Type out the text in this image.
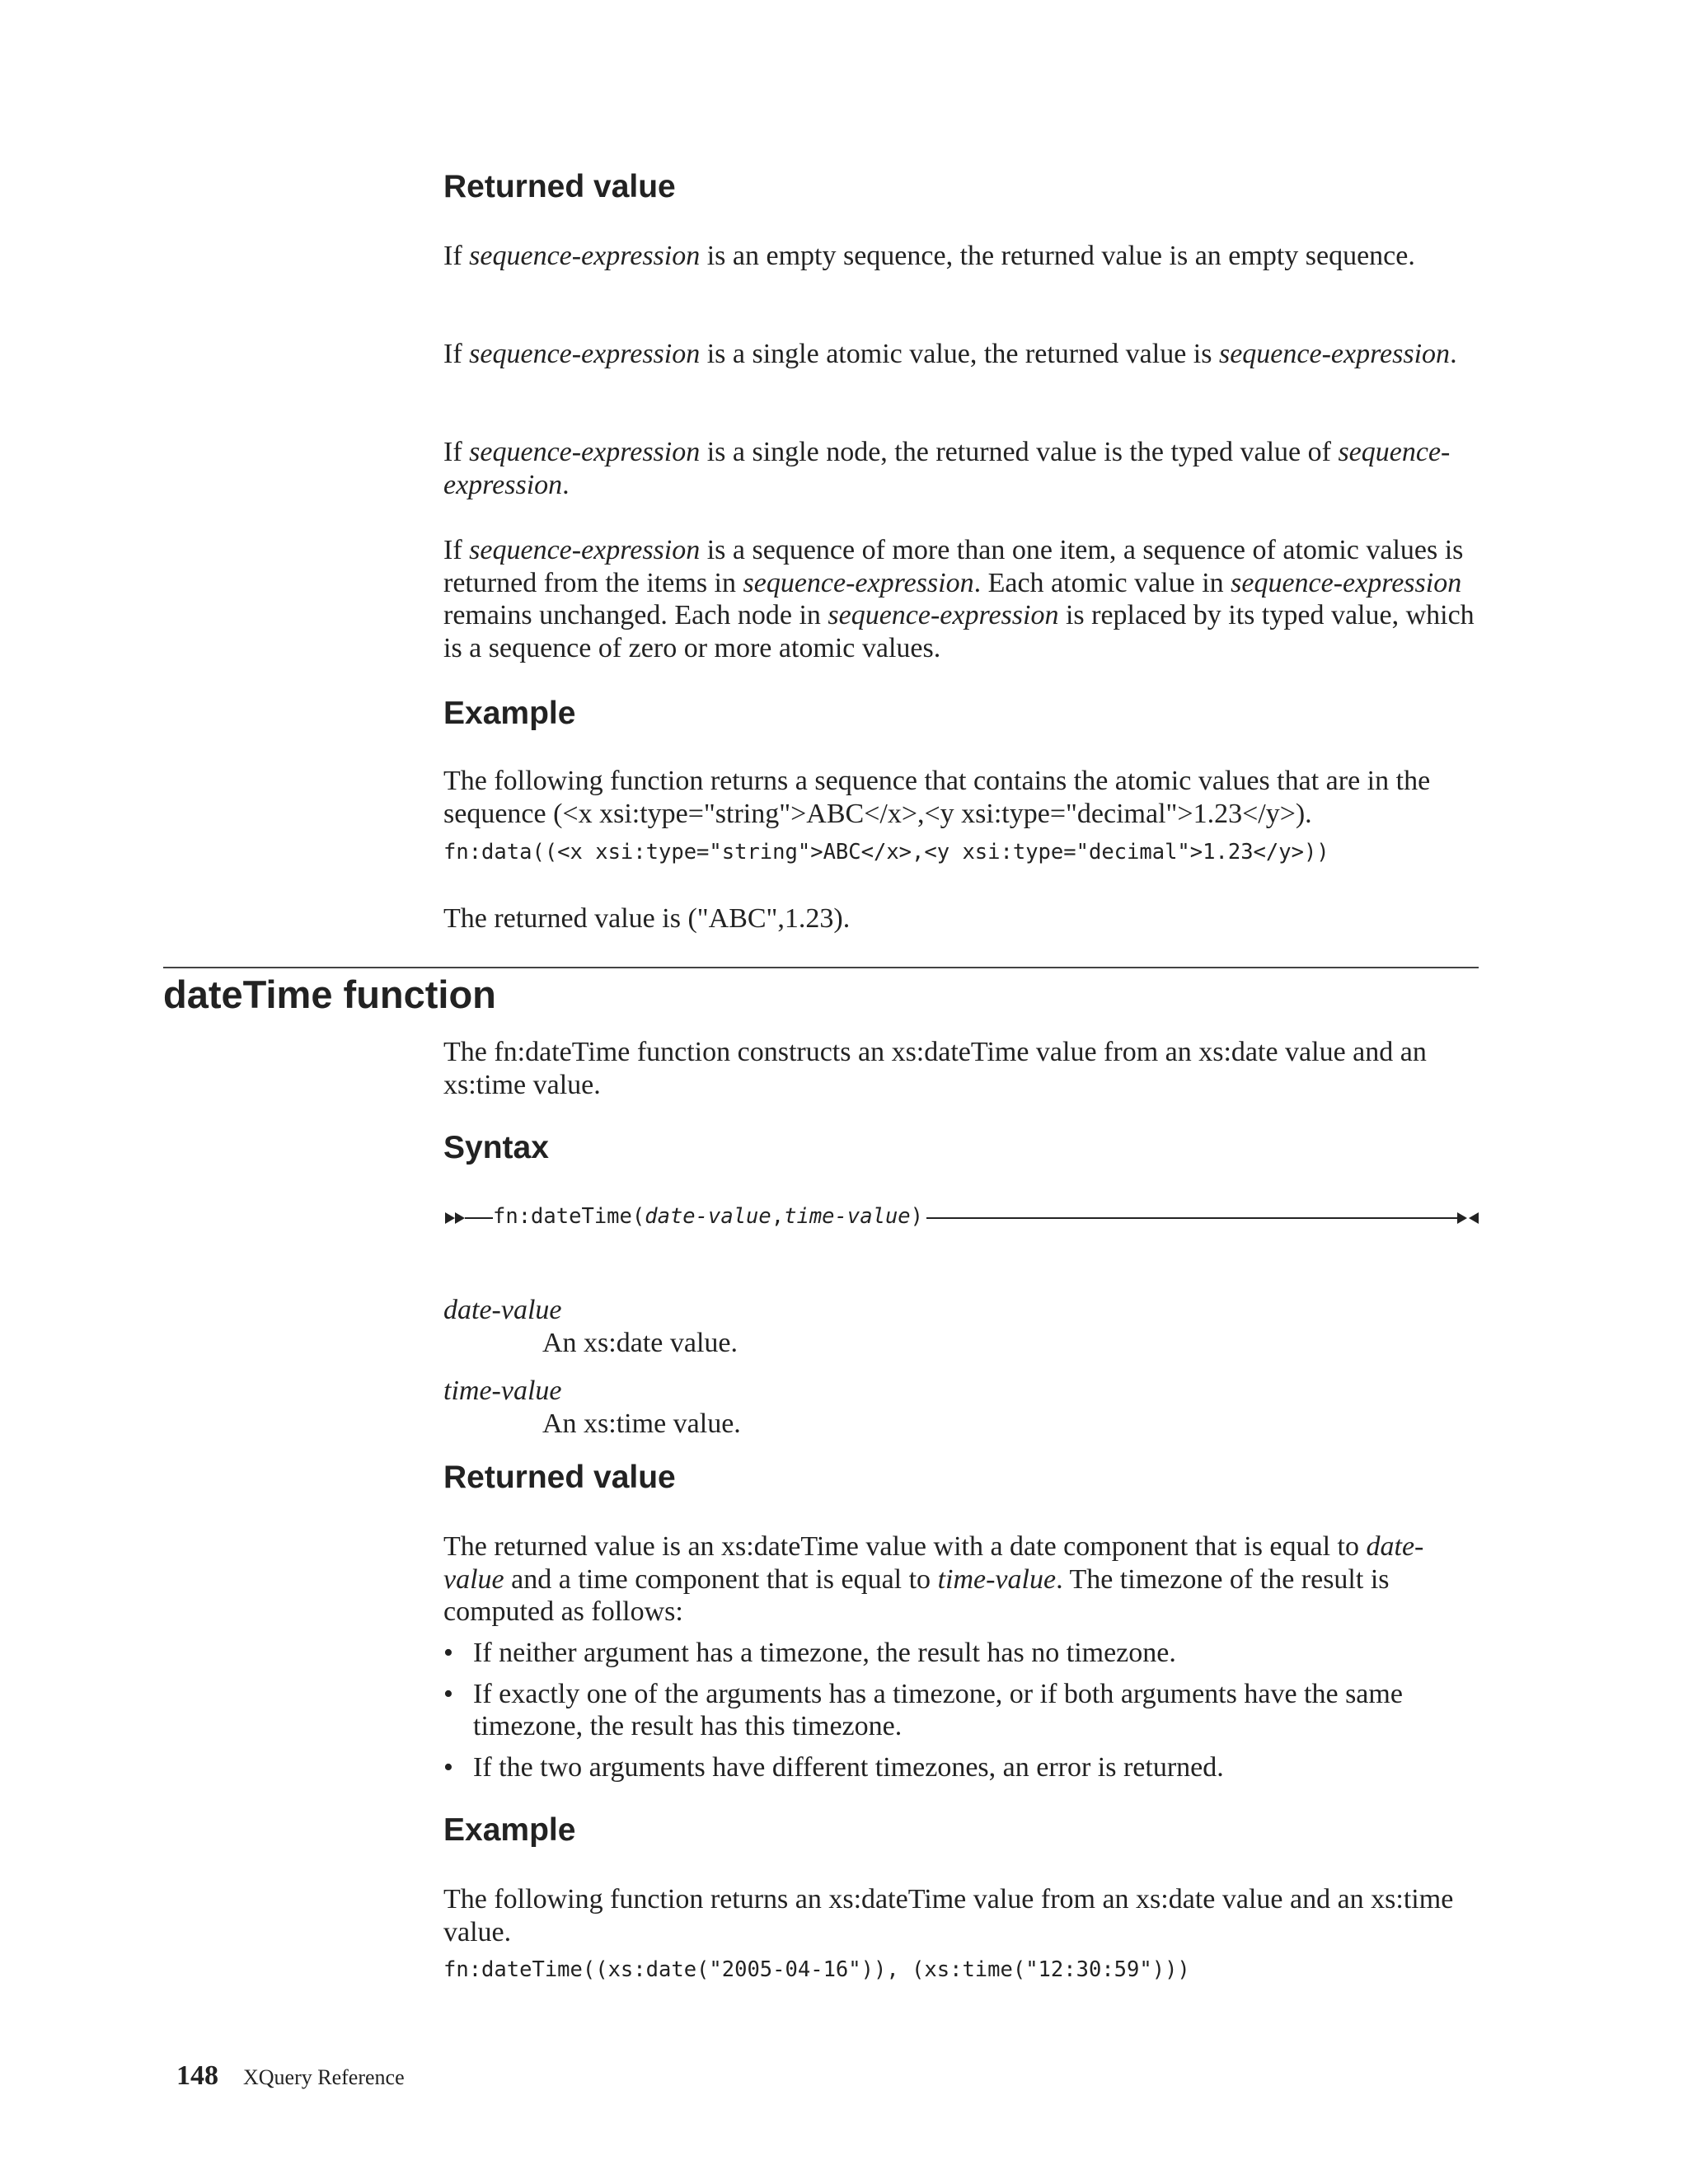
Returned value

If sequence-expression is an empty sequence, the returned value is an empty sequence.

If sequence-expression is a single atomic value, the returned value is sequence-expression.

If sequence-expression is a single node, the returned value is the typed value of sequence-expression.

If sequence-expression is a sequence of more than one item, a sequence of atomic values is returned from the items in sequence-expression. Each atomic value in sequence-expression remains unchanged. Each node in sequence-expression is replaced by its typed value, which is a sequence of zero or more atomic values.

Example

The following function returns a sequence that contains the atomic values that are in the sequence (<x xsi:type="string">ABC</x>,<y xsi:type="decimal">1.23</y>).

fn:data((<x xsi:type="string">ABC</x>,<y xsi:type="decimal">1.23</y>))

The returned value is ("ABC",1.23).

dateTime function

The fn:dateTime function constructs an xs:dateTime value from an xs:date value and an xs:time value.

Syntax
fn:dateTime(date-value,time-value)
date-value
An xs:date value.
time-value
An xs:time value.
Returned value

The returned value is an xs:dateTime value with a date component that is equal to date-value and a time component that is equal to time-value. The timezone of the result is computed as follows:

• If neither argument has a timezone, the result has no timezone.
• If exactly one of the arguments has a timezone, or if both arguments have the same timezone, the result has this timezone.
• If the two arguments have different timezones, an error is returned.
Example

The following function returns an xs:dateTime value from an xs:date value and an xs:time value.

fn:dateTime((xs:date("2005-04-16")), (xs:time("12:30:59")))

148 XQuery Reference
